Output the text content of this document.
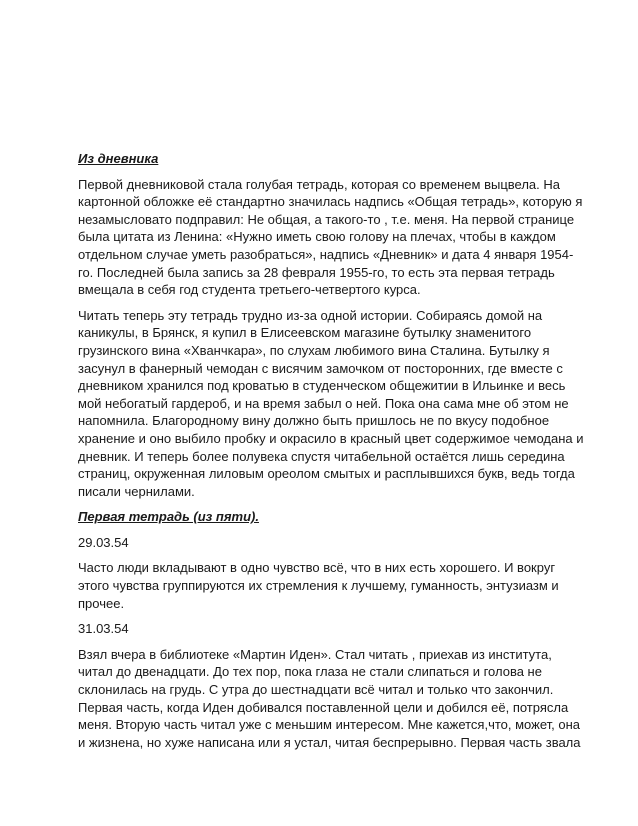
Из дневника
Первой дневниковой стала голубая тетрадь, которая со временем выцвела. На
картонной обложке её стандартно значилась надпись «Общая тетрадь», которую я
незамысловато подправил: Не общая, а такого-то , т.е. меня. На первой странице
была цитата из Ленина: «Нужно иметь свою голову на плечах, чтобы в каждом
отдельном случае уметь разобраться», надпись «Дневник» и дата 4 января 1954-
го. Последней была запись за 28 февраля 1955-го, то есть эта первая тетрадь
вмещала в себя год студента третьего-четвертого курса.
Читать теперь эту тетрадь трудно из-за одной истории. Собираясь домой на
каникулы, в Брянск, я купил в Елисеевском магазине бутылку знаменитого
грузинского вина «Хванчкара», по слухам любимого вина Сталина. Бутылку я
засунул в фанерный чемодан с висячим замочком от посторонних, где вместе с
дневником хранился под кроватью в студенческом общежитии в Ильинке и весь
мой небогатый гардероб, и на время забыл о ней. Пока она сама мне об этом не
напомнила. Благородному вину должно быть пришлось не по вкусу подобное
хранение и оно выбило пробку и окрасило в красный цвет содержимое чемодана и
дневник. И теперь более полувека спустя читабельной остаётся лишь середина
страниц, окруженная лиловым ореолом смытых и расплывшихся букв, ведь тогда
писали чернилами.
Первая тетрадь (из пяти).
29.03.54
Часто люди вкладывают в одно чувство всё, что в них есть хорошего. И вокруг
этого чувства группируются их стремления к лучшему, гуманность, энтузиазм и
прочее.
31.03.54
Взял вчера в библиотеке «Мартин Иден». Стал читать , приехав из института,
читал до двенадцати. До тех пор, пока глаза не стали слипаться и голова не
склонилась на грудь. С утра до шестнадцати всё читал и только что закончил.
Первая часть, когда Иден добивался поставленной цели и добился её, потрясла
меня. Вторую часть читал уже с меньшим интересом. Мне кажется,что, может, она
и жизнена, но хуже написана или я устал, читая беспрерывно. Первая часть звала
